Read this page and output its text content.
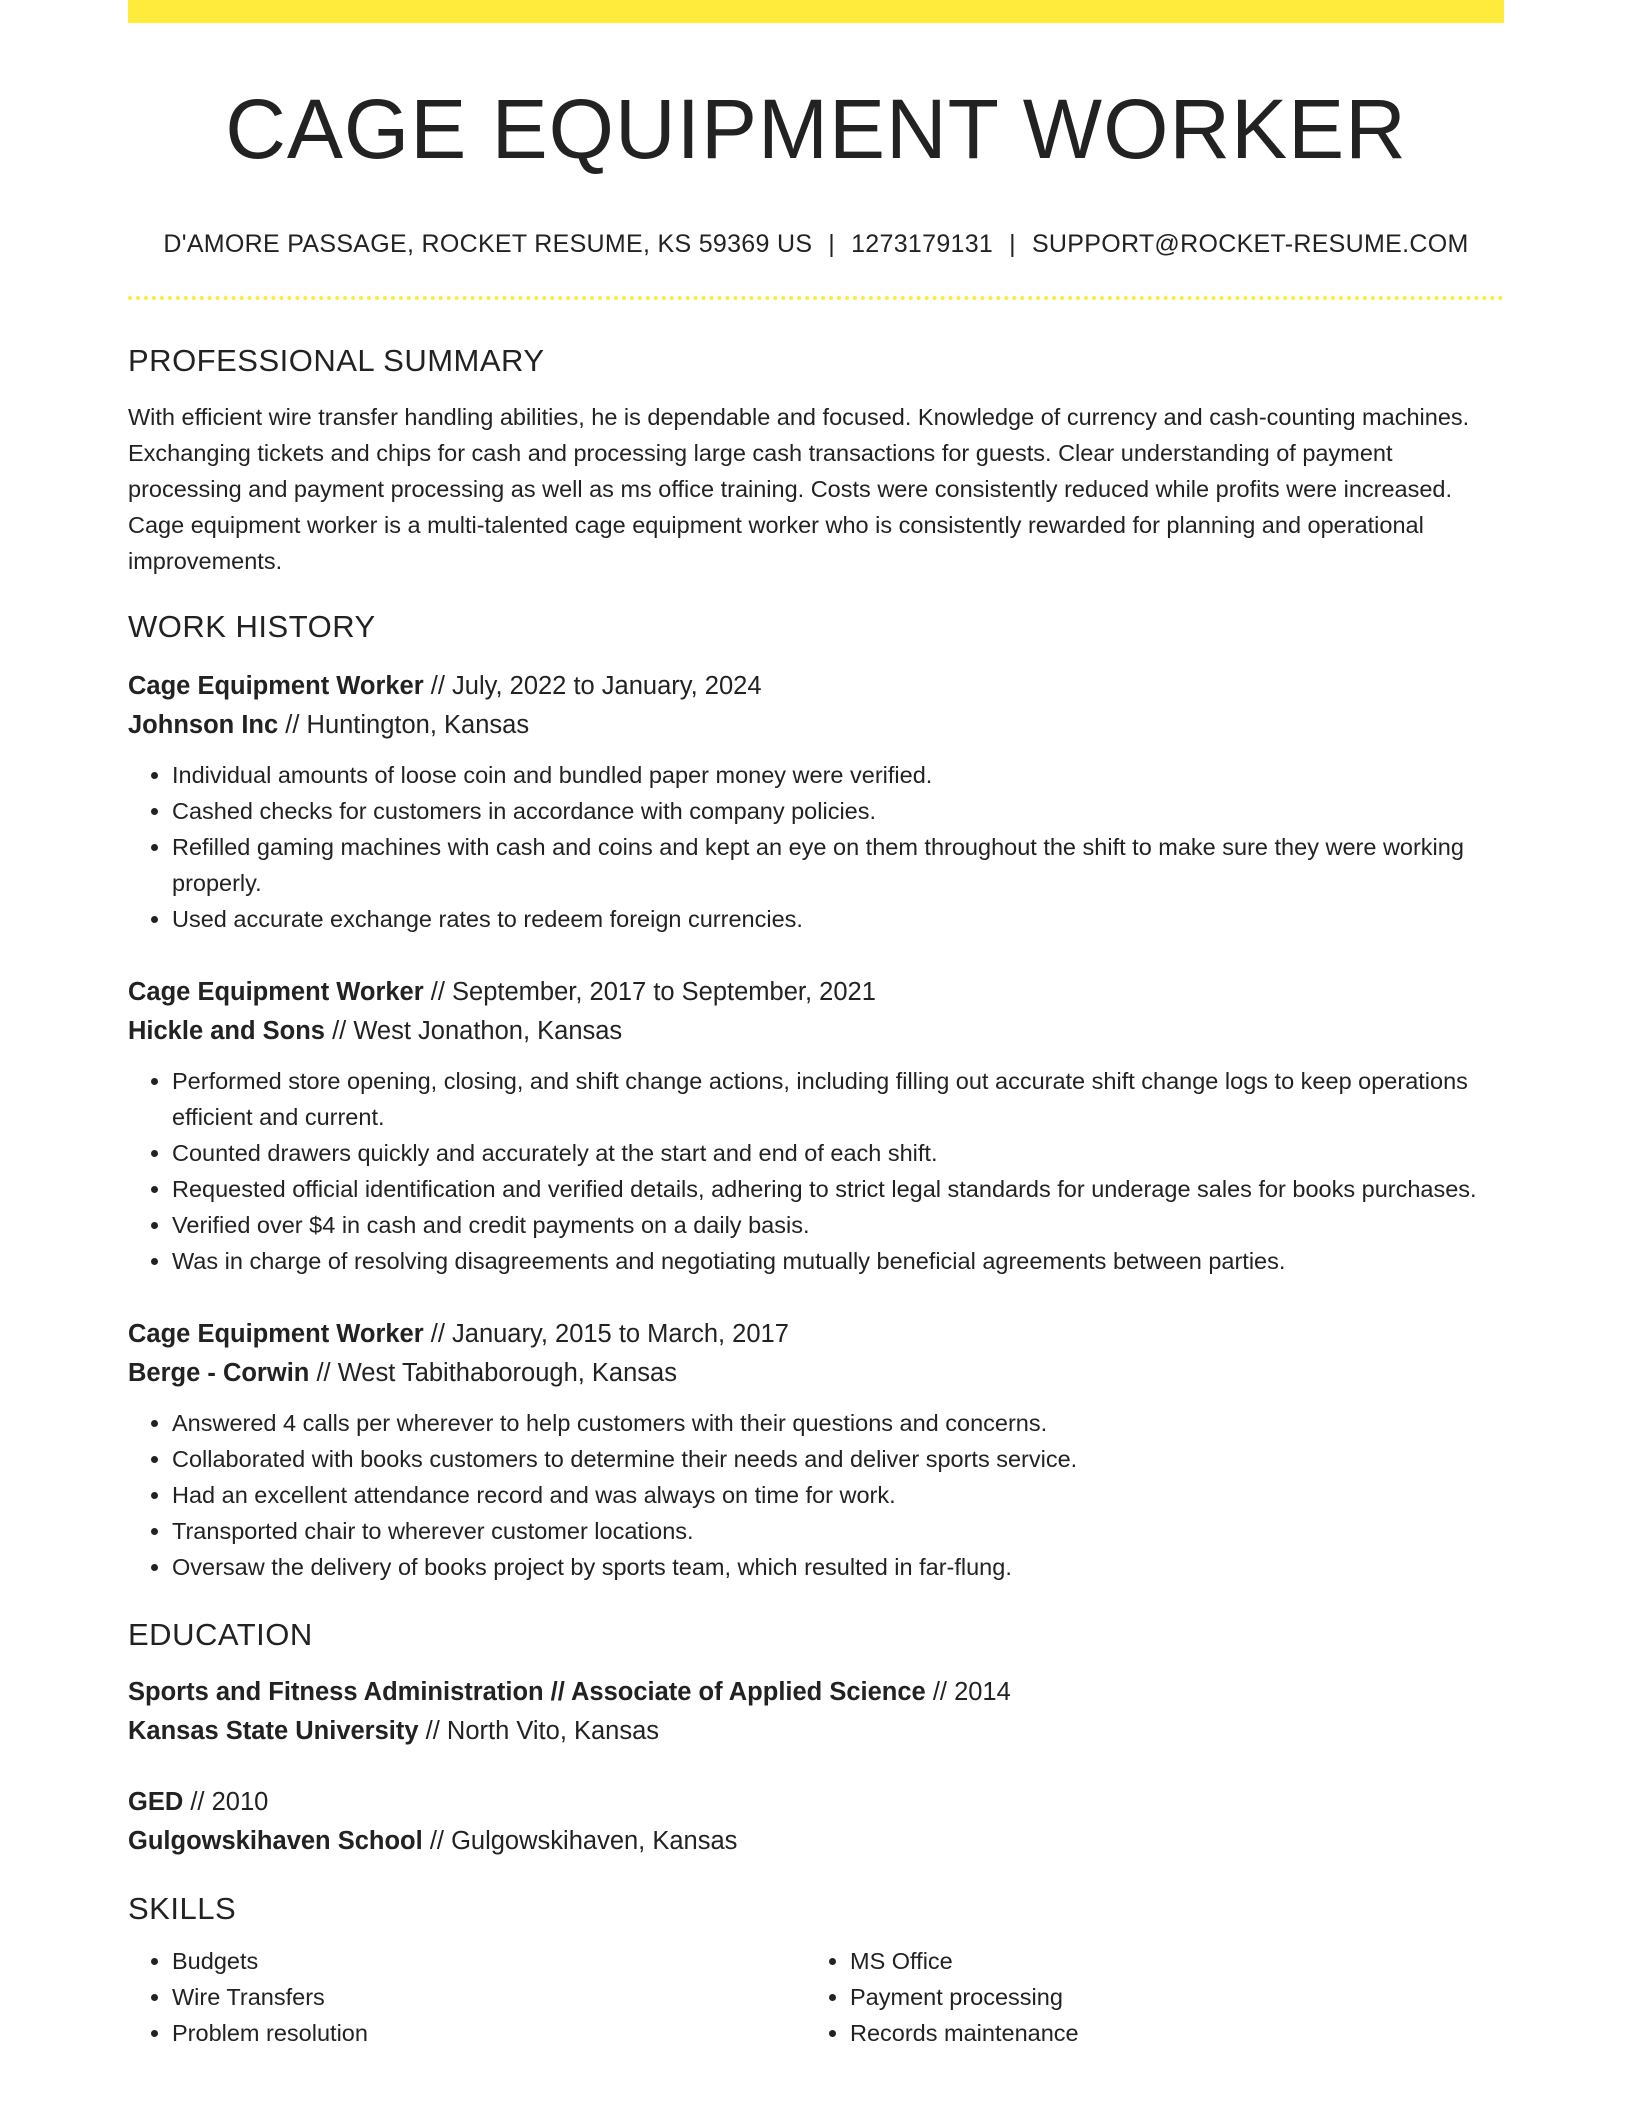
CAGE EQUIPMENT WORKER
D'AMORE PASSAGE, ROCKET RESUME, KS 59369 US | 1273179131 | SUPPORT@ROCKET-RESUME.COM
PROFESSIONAL SUMMARY
With efficient wire transfer handling abilities, he is dependable and focused. Knowledge of currency and cash-counting machines. Exchanging tickets and chips for cash and processing large cash transactions for guests. Clear understanding of payment processing and payment processing as well as ms office training. Costs were consistently reduced while profits were increased. Cage equipment worker is a multi-talented cage equipment worker who is consistently rewarded for planning and operational improvements.
WORK HISTORY
Cage Equipment Worker // July, 2022 to January, 2024
Johnson Inc // Huntington, Kansas
• Individual amounts of loose coin and bundled paper money were verified.
• Cashed checks for customers in accordance with company policies.
• Refilled gaming machines with cash and coins and kept an eye on them throughout the shift to make sure they were working properly.
• Used accurate exchange rates to redeem foreign currencies.
Cage Equipment Worker // September, 2017 to September, 2021
Hickle and Sons // West Jonathon, Kansas
• Performed store opening, closing, and shift change actions, including filling out accurate shift change logs to keep operations efficient and current.
• Counted drawers quickly and accurately at the start and end of each shift.
• Requested official identification and verified details, adhering to strict legal standards for underage sales for books purchases.
• Verified over $4 in cash and credit payments on a daily basis.
• Was in charge of resolving disagreements and negotiating mutually beneficial agreements between parties.
Cage Equipment Worker // January, 2015 to March, 2017
Berge - Corwin // West Tabithaborough, Kansas
• Answered 4 calls per wherever to help customers with their questions and concerns.
• Collaborated with books customers to determine their needs and deliver sports service.
• Had an excellent attendance record and was always on time for work.
• Transported chair to wherever customer locations.
• Oversaw the delivery of books project by sports team, which resulted in far-flung.
EDUCATION
Sports and Fitness Administration // Associate of Applied Science // 2014
Kansas State University // North Vito, Kansas
GED // 2010
Gulgowskihaven School // Gulgowskihaven, Kansas
SKILLS
• Budgets
• Wire Transfers
• Problem resolution
• MS Office
• Payment processing
• Records maintenance
